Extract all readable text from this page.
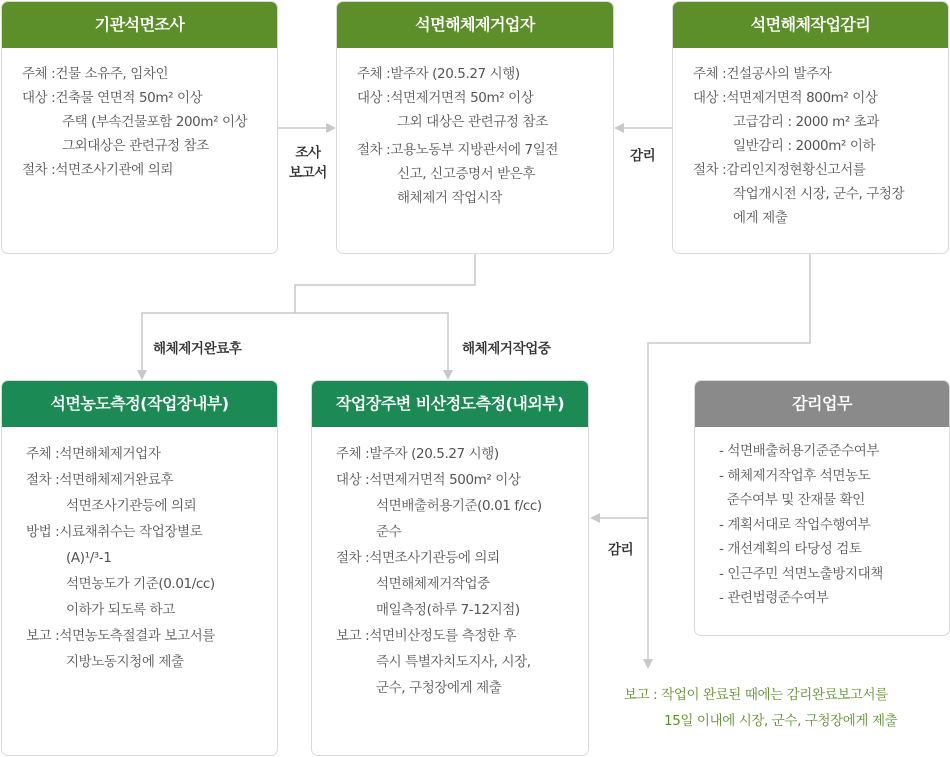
기관석면조사
주체 :건물 소유주, 임차인
대상 :건축물 연면적 50m² 이상
주택 (부속건물포함 200m² 이상
그외대상은 관련규정 참조
절차 :석면조사기관에 의뢰
석면해체제거업자
주체 :발주자 (20.5.27 시행)
대상 :석면제거면적 50m² 이상
그외 대상은 관련규정 참조
절차 :고용노동부 지방관서에 7일전
신고, 신고증명서 받은후
해체제거 작업시작
석면해체작업감리
주체 :건설공사의 발주자
대상 :석면제거면적 800m² 이상
고급감리 : 2000 m² 초과
일반감리 : 2000m² 이하
절차 :감리인지정현황신고서를
작업개시전 시장, 군수, 구청장
에게 제출
석면농도측정(작업장내부)
주체 :석면해체제거업자
절차 :석면해체제거완료후
석면조사기관등에 의뢰
방법 :시료채취수는 작업장별로
(A)¹/³-1
석면농도가 기준(0.01/cc)
이하가 되도록 하고
보고 :석면농도측절결과 보고서를
지방노동지청에 제출
작업장주변 비산정도측정(내외부)
주체 :발주자 (20.5.27 시행)
대상 :석면제거면적 500m² 이상
석면배출허용기준(0.01 f/cc)
준수
절차 :석면조사기관등에 의뢰
석면해체제거작업중
매일측정(하루 7-12지점)
보고 :석면비산정도를 측정한 후
즉시 특별자치도지사, 시장,
군수, 구청장에게 제출
감리업무
- 석면배출허용기준준수여부
- 해체제거작업후 석면농도
준수여부 및 잔재물 확인
- 계획서대로 작업수행여부
- 개선계획의 타당성 검토
- 인근주민 석면노출방지대책
- 관련법령준수여부
조사
보고서
감리
해체제거완료후	해체제거작업중
감리
보고 : 작업이 완료된 때에는 감리완료보고서를
15일 이내에 시장, 군수, 구청장에게 제출
